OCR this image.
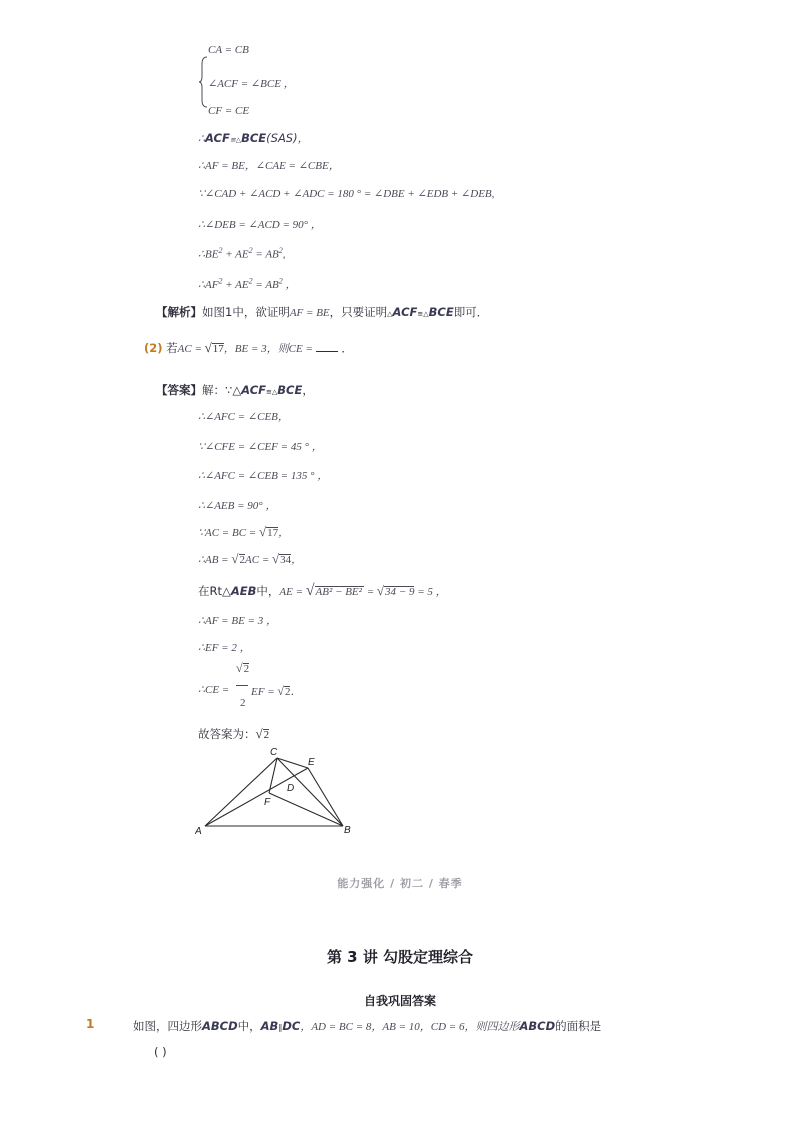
CA = CB
∠ACF = ∠BCE ，
CF = CE
∴ACF≌△BCE(SAS)，
∴AF = BE，∠CAE = ∠CBE，
∵∠CAD + ∠ACD + ∠ADC = 180 ° = ∠DBE + ∠EDB + ∠DEB,
∴∠DEB = ∠ACD = 90° ，
$\therefore BE^2 + AE^2 = AB^2$,
$\therefore AF^2 + AE^2 = AB^2$ ，
【解析】如图1中，欲证明AF = BE，只要证明△ACF≌△BCE即可．
(2) 若AC = √17，BE = 3，则CE =  ．
【答案】解：∵△ACF≌△BCE，
∴∠AFC = ∠CEB，
∵∠CFE = ∠CEF = 45 ° ，
∴∠AFC = ∠CEB = 135 ° ，
∴∠AEB = 90° ，
∵AC = BC = √17，
∴AB = √2AC = √34，
在Rt△AEB中，AE = √AB² − BE² = √34 − 9 = 5 ，
∴AF = BE = 3 ，
∴EF = 2 ，
√2
2
∴CE = EF = √2．
故答案为：√2
A	B
C
D
E
F
能力强化 / 初二 / 春季
第 3 讲 勾股定理综合
自我巩固答案
1	如图，四边形ABCD中，AB∥DC，AD = BC = 8，AB = 10，CD = 6，则四边形ABCD的面积是
( )
